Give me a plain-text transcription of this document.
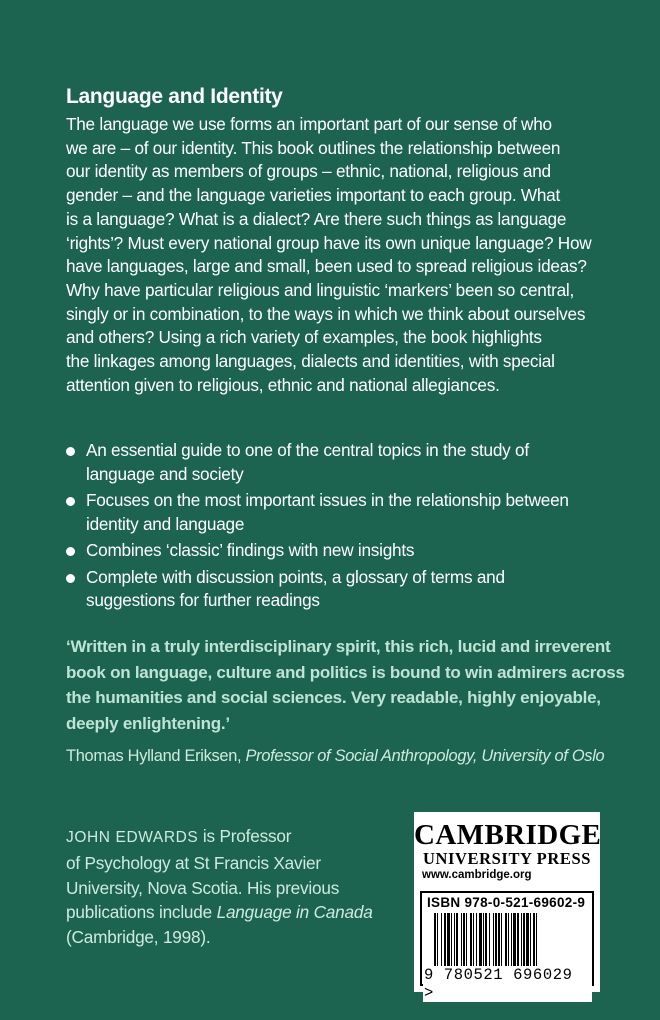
Language and Identity
The language we use forms an important part of our sense of who
we are – of our identity. This book outlines the relationship between
our identity as members of groups – ethnic, national, religious and
gender – and the language varieties important to each group. What
is a language? What is a dialect? Are there such things as language
‘rights’? Must every national group have its own unique language? How
have languages, large and small, been used to spread religious ideas?
Why have particular religious and linguistic ‘markers’ been so central,
singly or in combination, to the ways in which we think about ourselves
and others? Using a rich variety of examples, the book highlights
the linkages among languages, dialects and identities, with special
attention given to religious, ethnic and national allegiances.
An essential guide to one of the central topics in the study of
language and society
Focuses on the most important issues in the relationship between
identity and language
Combines ‘classic’ findings with new insights
Complete with discussion points, a glossary of terms and
suggestions for further readings
‘Written in a truly interdisciplinary spirit, this rich, lucid and irreverent
book on language, culture and politics is bound to win admirers across
the humanities and social sciences. Very readable, highly enjoyable,
deeply enlightening.’
Thomas Hylland Eriksen, Professor of Social Anthropology, University of Oslo
JOHN EDWARDS is Professor
of Psychology at St Francis Xavier
University, Nova Scotia. His previous
publications include Language in Canada
(Cambridge, 1998).
CAMBRIDGE
UNIVERSITY PRESS
www.cambridge.org
ISBN 978-0-521-69602-9
9 780521 696029 >
